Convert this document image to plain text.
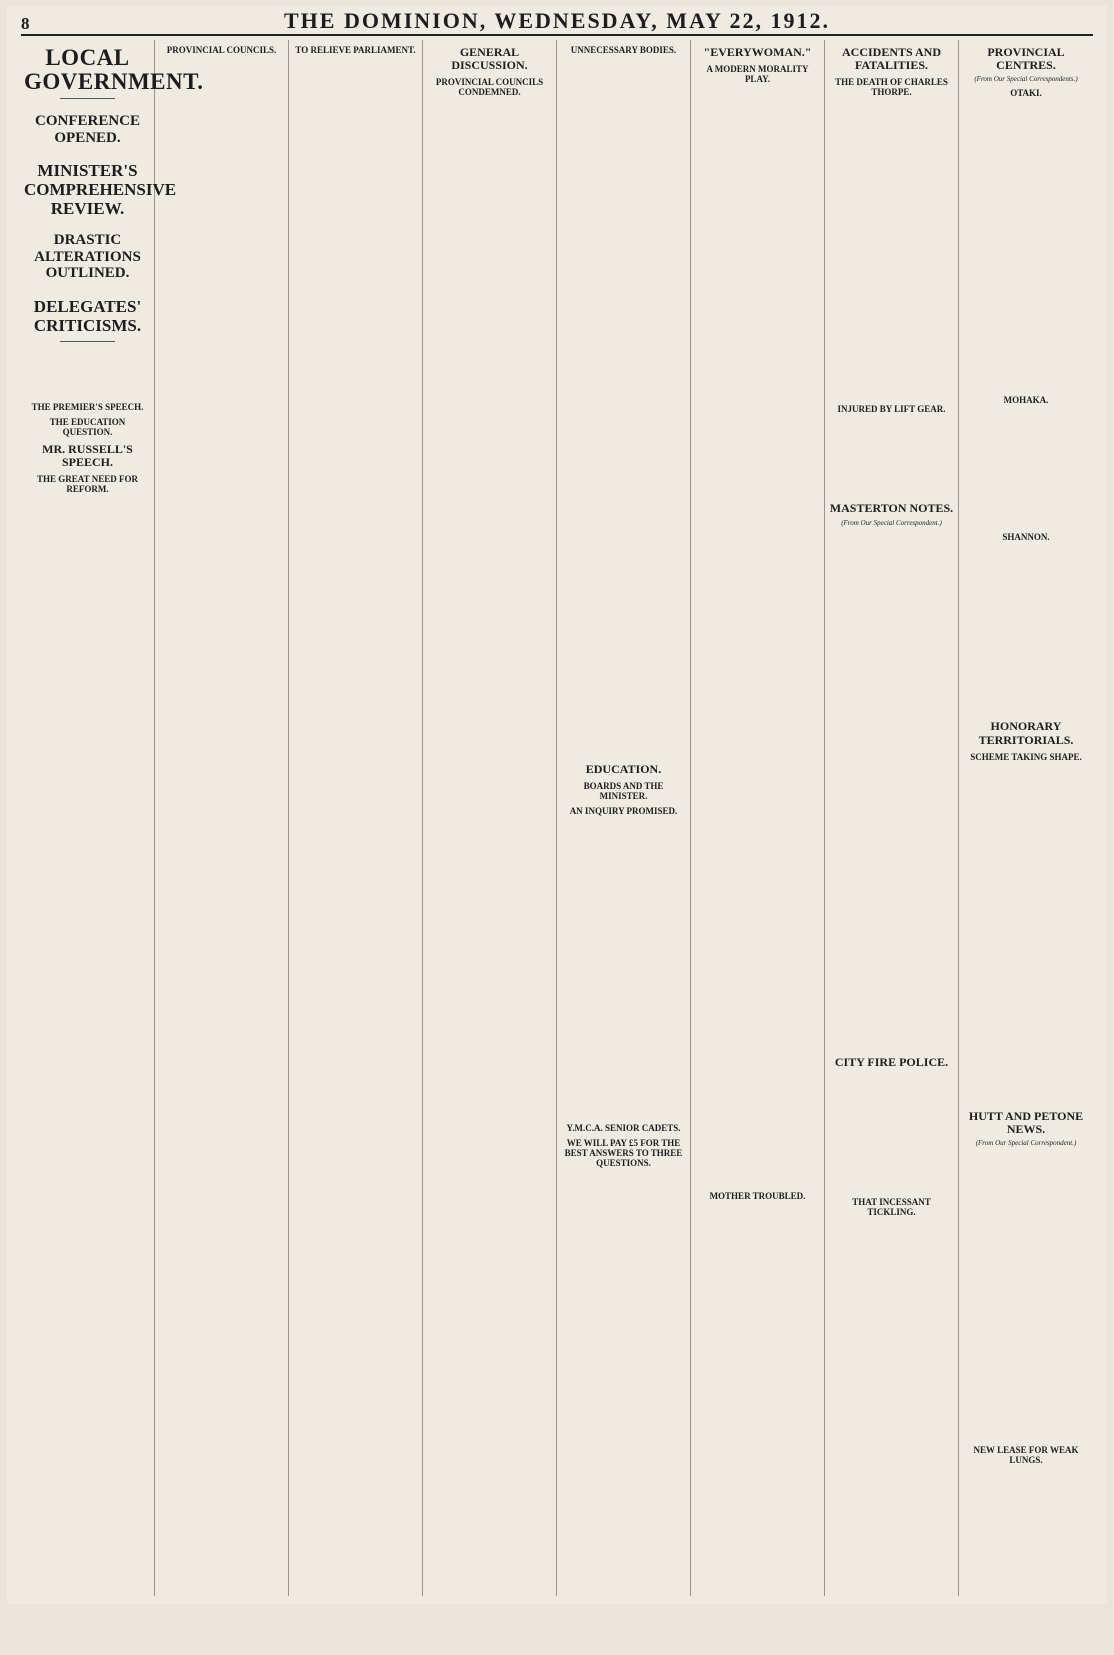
8	THE DOMINION, WEDNESDAY, MAY 22, 1912.
LOCAL GOVERNMENT.
CONFERENCE OPENED.
MINISTER'S COMPREHENSIVE REVIEW.
DRASTIC ALTERATIONS OUTLINED.
DELEGATES' CRITICISMS.

THE PREMIER'S SPEECH.
THE EDUCATION QUESTION.
MR. RUSSELL'S SPEECH.
THE GREAT NEED FOR REFORM.
PROVINCIAL COUNCILS.	TO RELIEVE PARLIAMENT.	GENERAL DISCUSSION.
PROVINCIAL COUNCILS CONDEMNED.
UNNECESSARY BODIES.
EDUCATION.
BOARDS AND THE MINISTER.
AN INQUIRY PROMISED.
Y.M.C.A. SENIOR CADETS.
WE WILL PAY £5 FOR THE BEST ANSWERS TO THREE QUESTIONS.
"EVERYWOMAN."
A MODERN MORALITY PLAY.
MOTHER TROUBLED.
ACCIDENTS AND FATALITIES.
THE DEATH OF CHARLES THORPE.
INJURED BY LIFT GEAR.
MASTERTON NOTES.
(From Our Special Correspondent.)
CITY FIRE POLICE.
THAT INCESSANT TICKLING.
PROVINCIAL CENTRES.
(From Our Special Correspondents.)
OTAKI.
MOHAKA.
SHANNON.
HONORARY TERRITORIALS.
SCHEME TAKING SHAPE.
HUTT AND PETONE NEWS.
(From Our Special Correspondent.)
NEW LEASE FOR WEAK LUNGS.
